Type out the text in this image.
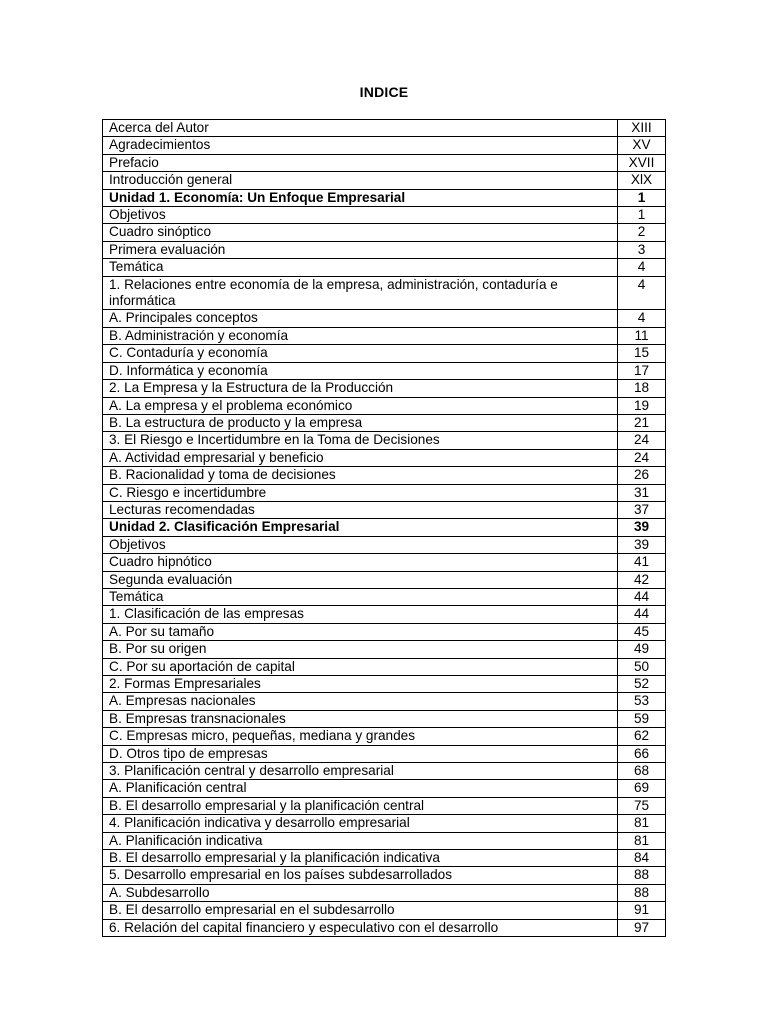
INDICE
Acerca del Autor	XIII
Agradecimientos	XV
Prefacio	XVII
Introducción general	XlX
Unidad 1. Economía: Un Enfoque Empresarial	1
Objetivos	1
Cuadro sinóptico	2
Primera evaluación	3
Temática	4
1. Relaciones entre economía de la empresa, administración, contaduría e informática	4
A. Principales conceptos	4
B. Administración y economía	11
C. Contaduría y economía	15
D. Informática y economía	17
2. La Empresa y la Estructura de la Producción	18
A. La empresa y el problema económico	19
B. La estructura de producto y la empresa	21
3. El Riesgo e Incertidumbre en la Toma de Decisiones	24
A. Actividad empresarial y beneficio	24
B. Racionalidad y toma de decisiones	26
C. Riesgo e incertidumbre	31
Lecturas recomendadas	37
Unidad 2. Clasificación Empresarial	39
Objetivos	39
Cuadro hipnótico	41
Segunda evaluación	42
Temática	44
1. Clasificación de las empresas	44
A. Por su tamaño	45
B. Por su origen	49
C. Por su aportación de capital	50
2. Formas Empresariales	52
A. Empresas nacionales	53
B. Empresas transnacionales	59
C. Empresas micro, pequeñas, mediana y grandes	62
D. Otros tipo de empresas	66
3. Planificación central y desarrollo empresarial	68
A. Planificación central	69
B. El desarrollo empresarial y la planificación central	75
4. Planificación indicativa y desarrollo empresarial	81
A. Planificación indicativa	81
B. El desarrollo empresarial y la planificación indicativa	84
5. Desarrollo empresarial en los países subdesarrollados	88
A. Subdesarrollo	88
B. El desarrollo empresarial en el subdesarrollo	91
6. Relación del capital financiero y especulativo con el desarrollo	97
